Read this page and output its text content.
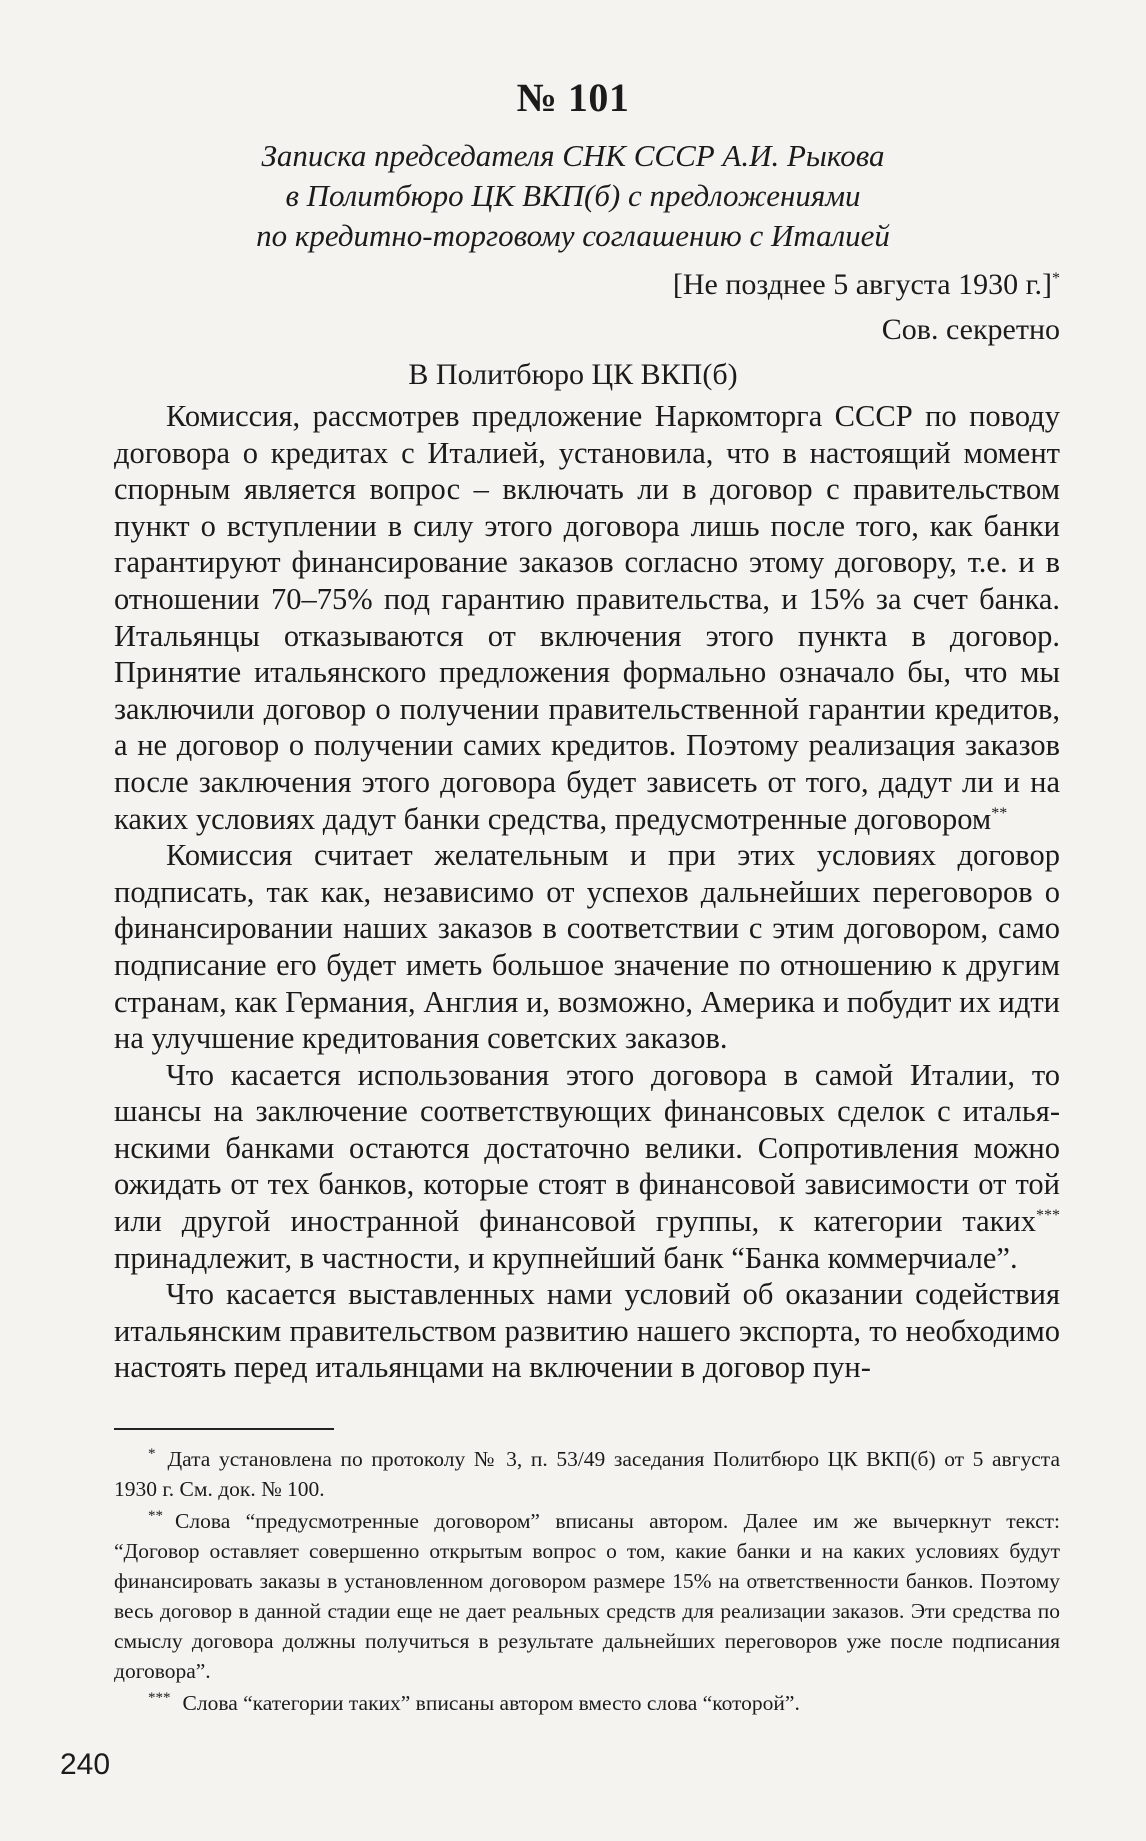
№ 101
Записка председателя СНК СССР А.И. Рыкова
в Политбюро ЦК ВКП(б) с предложениями
по кредитно-торговому соглашению с Италией
[Не позднее 5 августа 1930 г.]*
Сов. секретно
В Политбюро ЦК ВКП(б)

Комиссия, рассмотрев предложение Наркомторга СССР по поводу договора о кредитах с Италией, установила, что в настоящий момент спорным является вопрос – включать ли в договор с правительством пункт о вступлении в силу этого договора лишь после того, как банки гарантируют финансирование заказов согласно этому договору, т.е. и в отношении 70–75% под гарантию правительства, и 15% за счет банка. Итальянцы отказываются от включения этого пункта в договор. Принятие итальянского предложения формально означало бы, что мы заключили договор о получении правительственной гарантии кредитов, а не договор о получении самих кредитов. Поэтому реализация заказов после заключения этого договора будет зависеть от того, дадут ли и на каких условиях дадут банки средства, предусмотренные договором**

Комиссия считает желательным и при этих условиях договор подписать, так как, независимо от успехов дальнейших переговоров о финансировании наших заказов в соответствии с этим договором, само подписание его будет иметь большое значение по отношению к другим странам, как Германия, Англия и, возможно, Америка и побудит их идти на улучшение кредитования советских заказов.

Что касается использования этого договора в самой Италии, то шансы на заключение соответствующих финансовых сделок с итальянскими банками остаются достаточно велики. Сопротивления можно ожидать от тех банков, которые стоят в финансовой зависимости от той или другой иностранной финансовой группы, к категории таких*** принадлежит, в частности, и крупнейший банк “Банка коммерчиале”.

Что касается выставленных нами условий об оказании содействия итальянским правительством развитию нашего экспорта, то необходимо настоять перед итальянцами на включении в договор пун-

* Дата установлена по протоколу № 3, п. 53/49 заседания Политбюро ЦК ВКП(б) от 5 августа 1930 г. См. док. № 100.

** Слова “предусмотренные договором” вписаны автором. Далее им же вычеркнут текст: “Договор оставляет совершенно открытым вопрос о том, какие банки и на каких условиях будут финансировать заказы в установленном договором размере 15% на ответственности банков. Поэтому весь договор в данной стадии еще не дает реальных средств для реализации заказов. Эти средства по смыслу договора должны получиться в результате дальнейших переговоров уже после подписания договора”.

*** Слова “категории таких” вписаны автором вместо слова “которой”.

240
